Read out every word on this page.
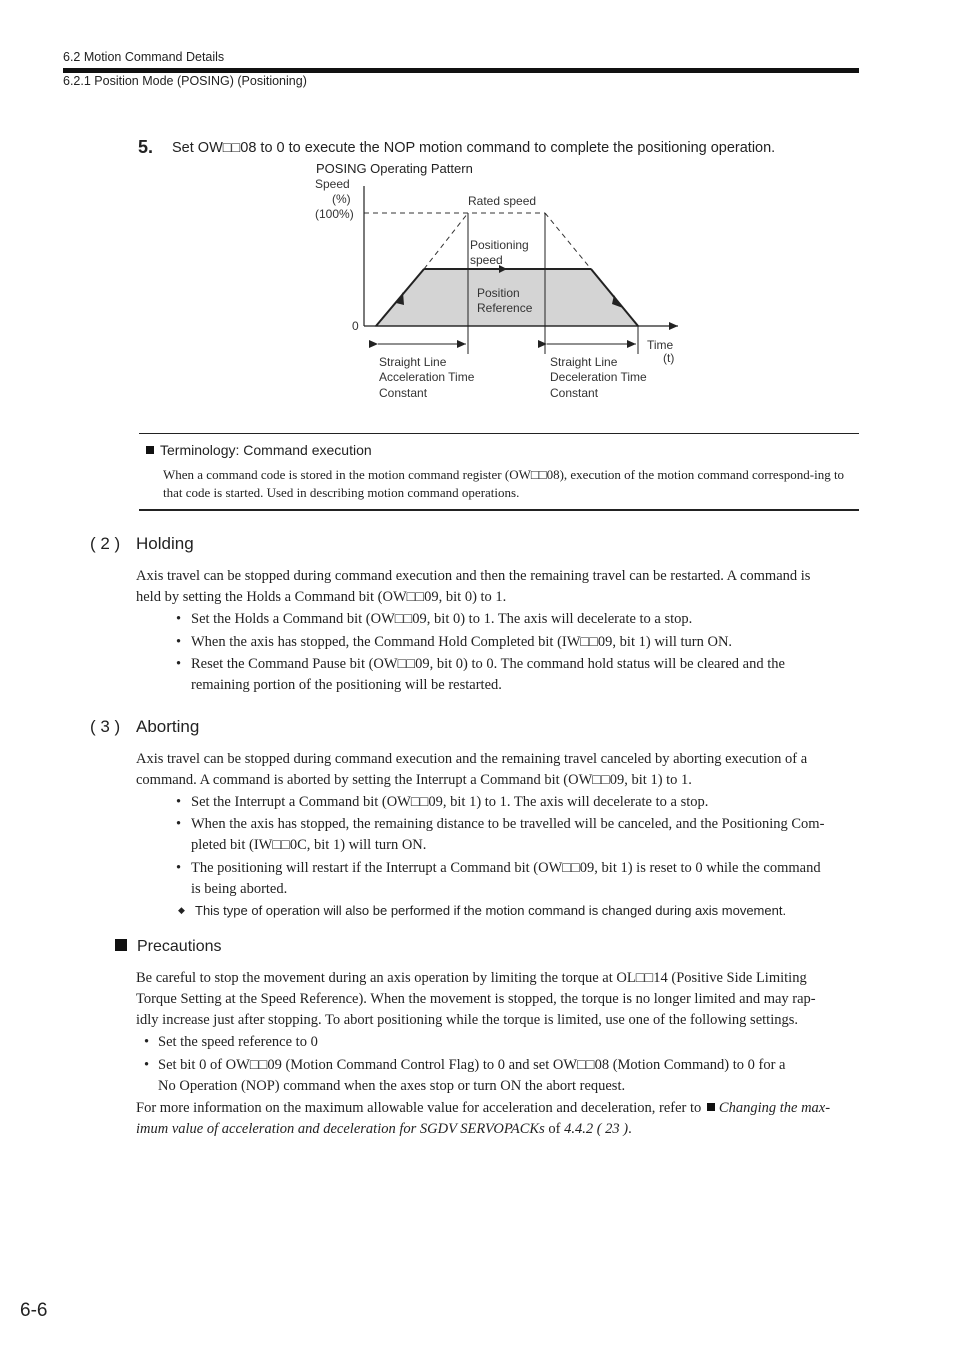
6.2 Motion Command Details
6.2.1 Position Mode (POSING) (Positioning)
5. Set OW□□08 to 0 to execute the NOP motion command to complete the positioning operation.
POSING Operating Pattern
Speed
(%)
(100%)
0
Rated speed
Positioning
speed
Position
Reference
Time
(t)
Straight Line
Acceleration Time
Constant
Straight Line
Deceleration Time
Constant
Terminology: Command execution
When a command code is stored in the motion command register (OW□□08), execution of the motion command correspond-ing to that code is started. Used in describing motion command operations.
( 2 ) Holding
Axis travel can be stopped during command execution and then the remaining travel can be restarted. A command is
held by setting the Holds a Command bit (OW□□09, bit 0) to 1.
• Set the Holds a Command bit (OW□□09, bit 0) to 1. The axis will decelerate to a stop.
• When the axis has stopped, the Command Hold Completed bit (IW□□09, bit 1) will turn ON.
• Reset the Command Pause bit (OW□□09, bit 0) to 0. The command hold status will be cleared and the
remaining portion of the positioning will be restarted.
( 3 ) Aborting
Axis travel can be stopped during command execution and the remaining travel canceled by aborting execution of a
command. A command is aborted by setting the Interrupt a Command bit (OW□□09, bit 1) to 1.
• Set the Interrupt a Command bit (OW□□09, bit 1) to 1. The axis will decelerate to a stop.
• When the axis has stopped, the remaining distance to be travelled will be canceled, and the Positioning Com-
pleted bit (IW□□0C, bit 1) will turn ON.
• The positioning will restart if the Interrupt a Command bit (OW□□09, bit 1) is reset to 0 while the command
is being aborted.
◆ This type of operation will also be performed if the motion command is changed during axis movement.
Precautions
Be careful to stop the movement during an axis operation by limiting the torque at OL□□14 (Positive Side Limiting
Torque Setting at the Speed Reference). When the movement is stopped, the torque is no longer limited and may rap-
idly increase just after stopping. To abort positioning while the torque is limited, use one of the following settings.
• Set the speed reference to 0
• Set bit 0 of OW□□09 (Motion Command Control Flag) to 0 and set OW□□08 (Motion Command) to 0 for a
No Operation (NOP) command when the axes stop or turn ON the abort request.
For more information on the maximum allowable value for acceleration and deceleration, refer to Changing the max-
imum value of acceleration and deceleration for SGDV SERVOPACKs of 4.4.2 ( 23 ).
6-6
